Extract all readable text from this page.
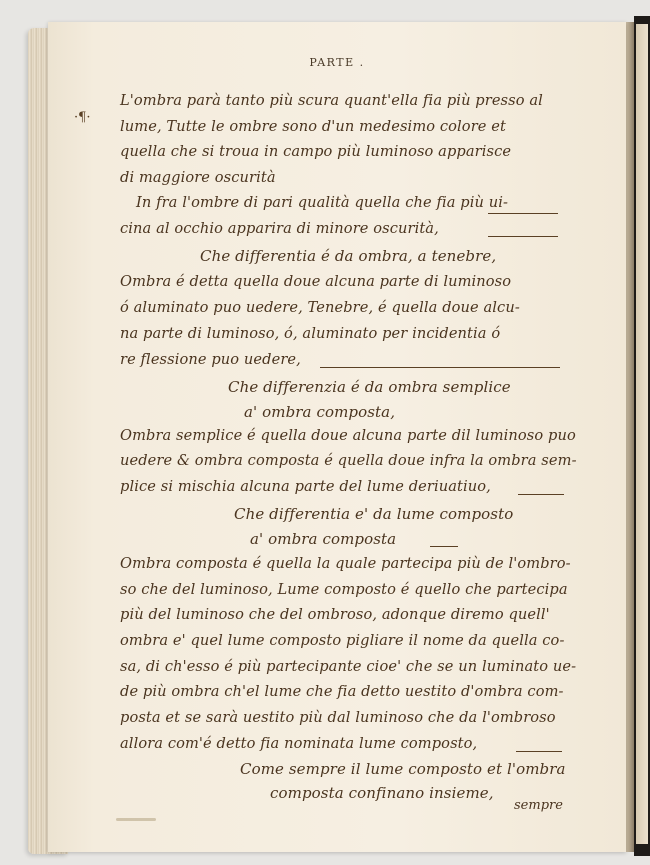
PARTE .
·¶·
L'ombra parà tanto più scura quant'ella fia più presso al
lume, Tutte le ombre sono d'un medesimo colore et
quella che si troua in campo più luminoso apparisce
di maggiore oscurità
In fra l'ombre di pari qualità quella che fia più ui-
cina al occhio apparira di minore oscurità,
Che differentia é da ombra, a tenebre,
Ombra é detta quella doue alcuna parte di luminoso
ó aluminato puo uedere, Tenebre, é quella doue alcu-
na parte di luminoso, ó, aluminato per incidentia ó
re flessione puo uedere,
Che differenzia é da ombra semplice
a' ombra composta,
Ombra semplice é quella doue alcuna parte dil luminoso puo
uedere & ombra composta é quella doue infra la ombra sem-
plice si mischia alcuna parte del lume deriuatiuo,
Che differentia e' da lume composto
a' ombra composta
Ombra composta é quella la quale partecipa più de l'ombro-
so che del luminoso, Lume composto é quello che partecipa
più del luminoso che del ombroso, adonque diremo quell'
ombra e' quel lume composto pigliare il nome da quella co-
sa, di ch'esso é più partecipante cioe' che se un luminato ue-
de più ombra ch'el lume che fia detto uestito d'ombra com-
posta et se sarà uestito più dal luminoso che da l'ombroso
allora com'é detto fia nominata lume composto,
Come sempre il lume composto et l'ombra
composta confinano insieme,
sempre
